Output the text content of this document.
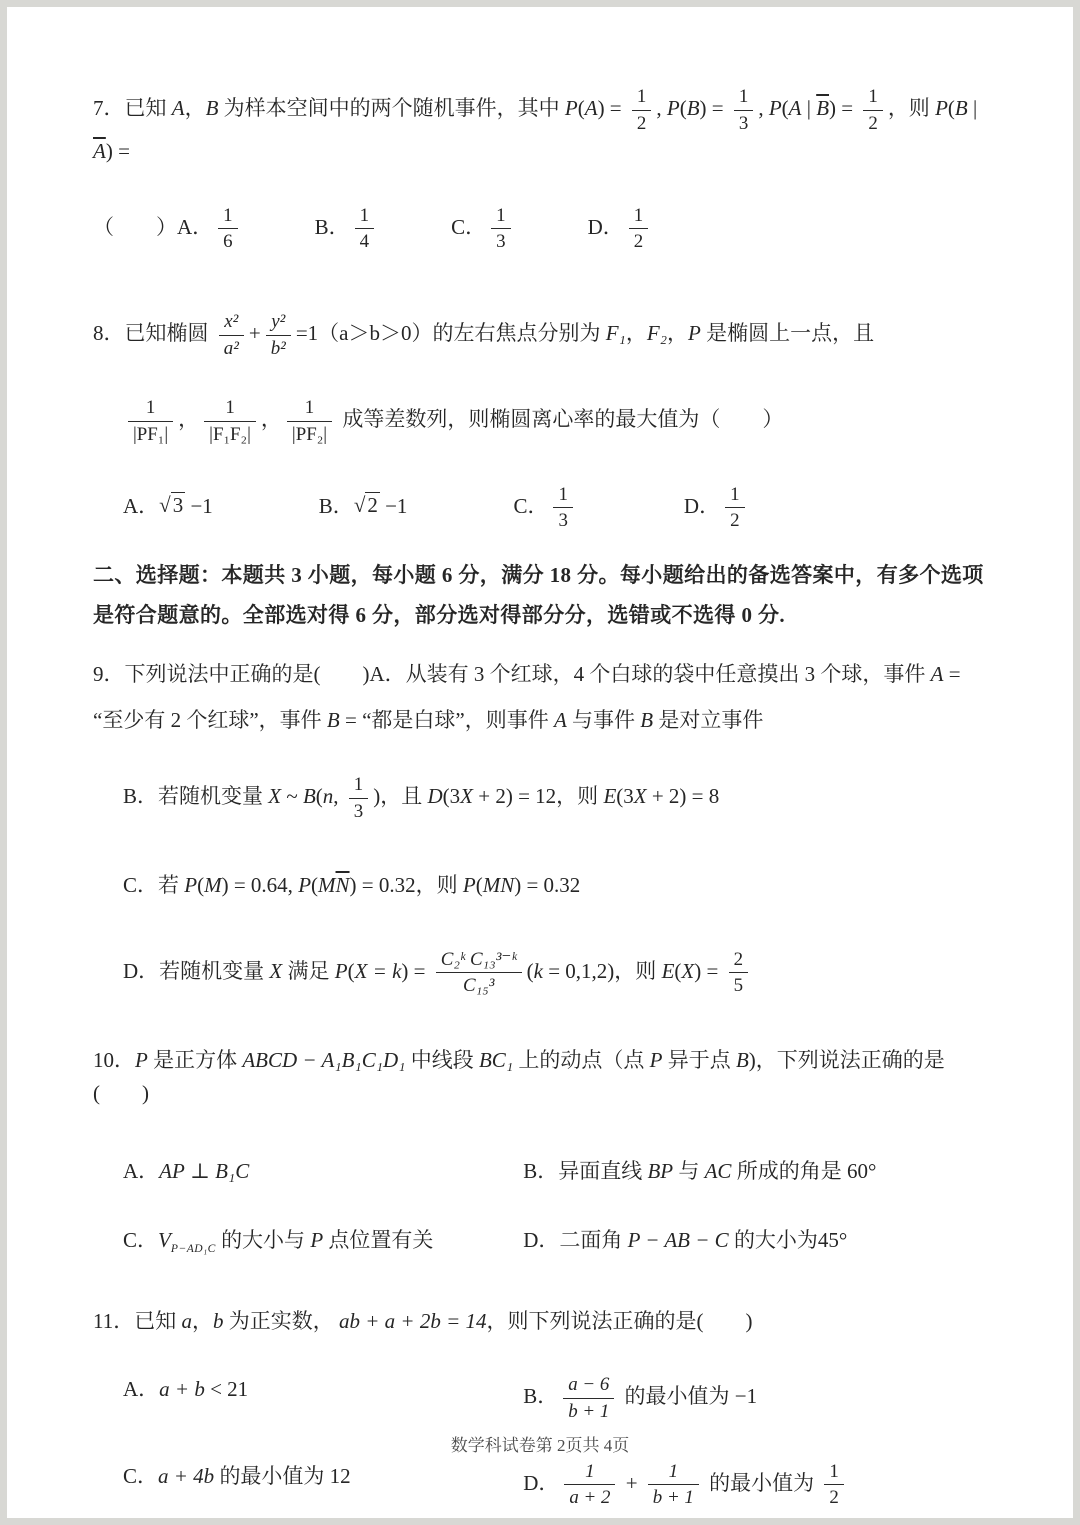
7．已知 A，B 为样本空间中的两个随机事件，其中 $P(A) = \frac{1}{2}$ , $P(B) = \frac{1}{3}$ , P(A | $\overline{B}) = \frac{1}{2}$ ，则 P(B | $\overline{A}$) =
（　　）A． $\frac{1}{6}$	B． $\frac{1}{4}$	C． $\frac{1}{3}$	D． $\frac{1}{2}$
8．已知椭圆 $\frac{\text{x²}}{\text{a²}} + \frac{\text{y²}}{\text{b²}} =1(a>b>0)$的左右焦点分别为 F₁，F₂，P 是椭圆上一点，且
$\frac{1}{\text{|PF₁|}}$ ， $\frac{1}{\text{|F₁F₂|}}$ ， $\frac{1}{\text{|PF₂|}}$ 成等差数列，则椭圆离心率的最大值为（　　）
A． √ 3 −1	B． √ 2 −1	C． $\frac{1}{3}$	D． $\frac{1}{2}$
二、选择题：本题共 3 小题，每小题 6 分，满分 18 分。每小题给出的备选答案中，有多个选项
是符合题意的。全部选对得 6 分，部分选对得部分分，选错或不选得 0 分.
9．下列说法中正确的是(　　)A．从装有 3 个红球，4 个白球的袋中任意摸出 3 个球，事件 A =
“至少有 2 个红球”，事件 B = “都是白球”，则事件 A 与事件 B 是对立事件
B．若随机变量 X ~ B(n, $\frac{1}{3}$ )，且 D(3X + 2) = 12，则 E(3X + 2) = 8
C．若 P(M) = 0.64, $P(M\overline{N}) = 0.32$，则 P(MN) = 0.32
D．若随机变量 X 满足 $P(X = k) = \frac{\text{C₂ᵏ C₁₃³⁻ᵏ}}{\text{C₁₅³}} (k = 0,1,2)$，则 $E(X) = \frac{2}{5}$
10．P 是正方体 ABCD − A₁B₁C₁D₁ 中线段 BC₁ 上的动点（点 P 异于点 B)，下列说法正确的是(　　)
A．AP ⊥ B₁C	B．异面直线 BP 与 AC 所成的角是 60°
C．$V_{P-AD_1C}$ 的大小与 P 点位置有关	D．二面角 P − AB − C 的大小为45°
11．已知 a，b 为正实数， ab + a + 2b = 14，则下列说法正确的是(　　)
A．a + b < 21	B． $\frac{a - 6}{b + 1}$ 的最小值为 −1
C．a + 4b 的最小值为 12	D． $\frac{1}{a + 2} + \frac{1}{b + 1}$ 的最小值为 $\frac{1}{2}$
数学科试卷第 2页共 4页
